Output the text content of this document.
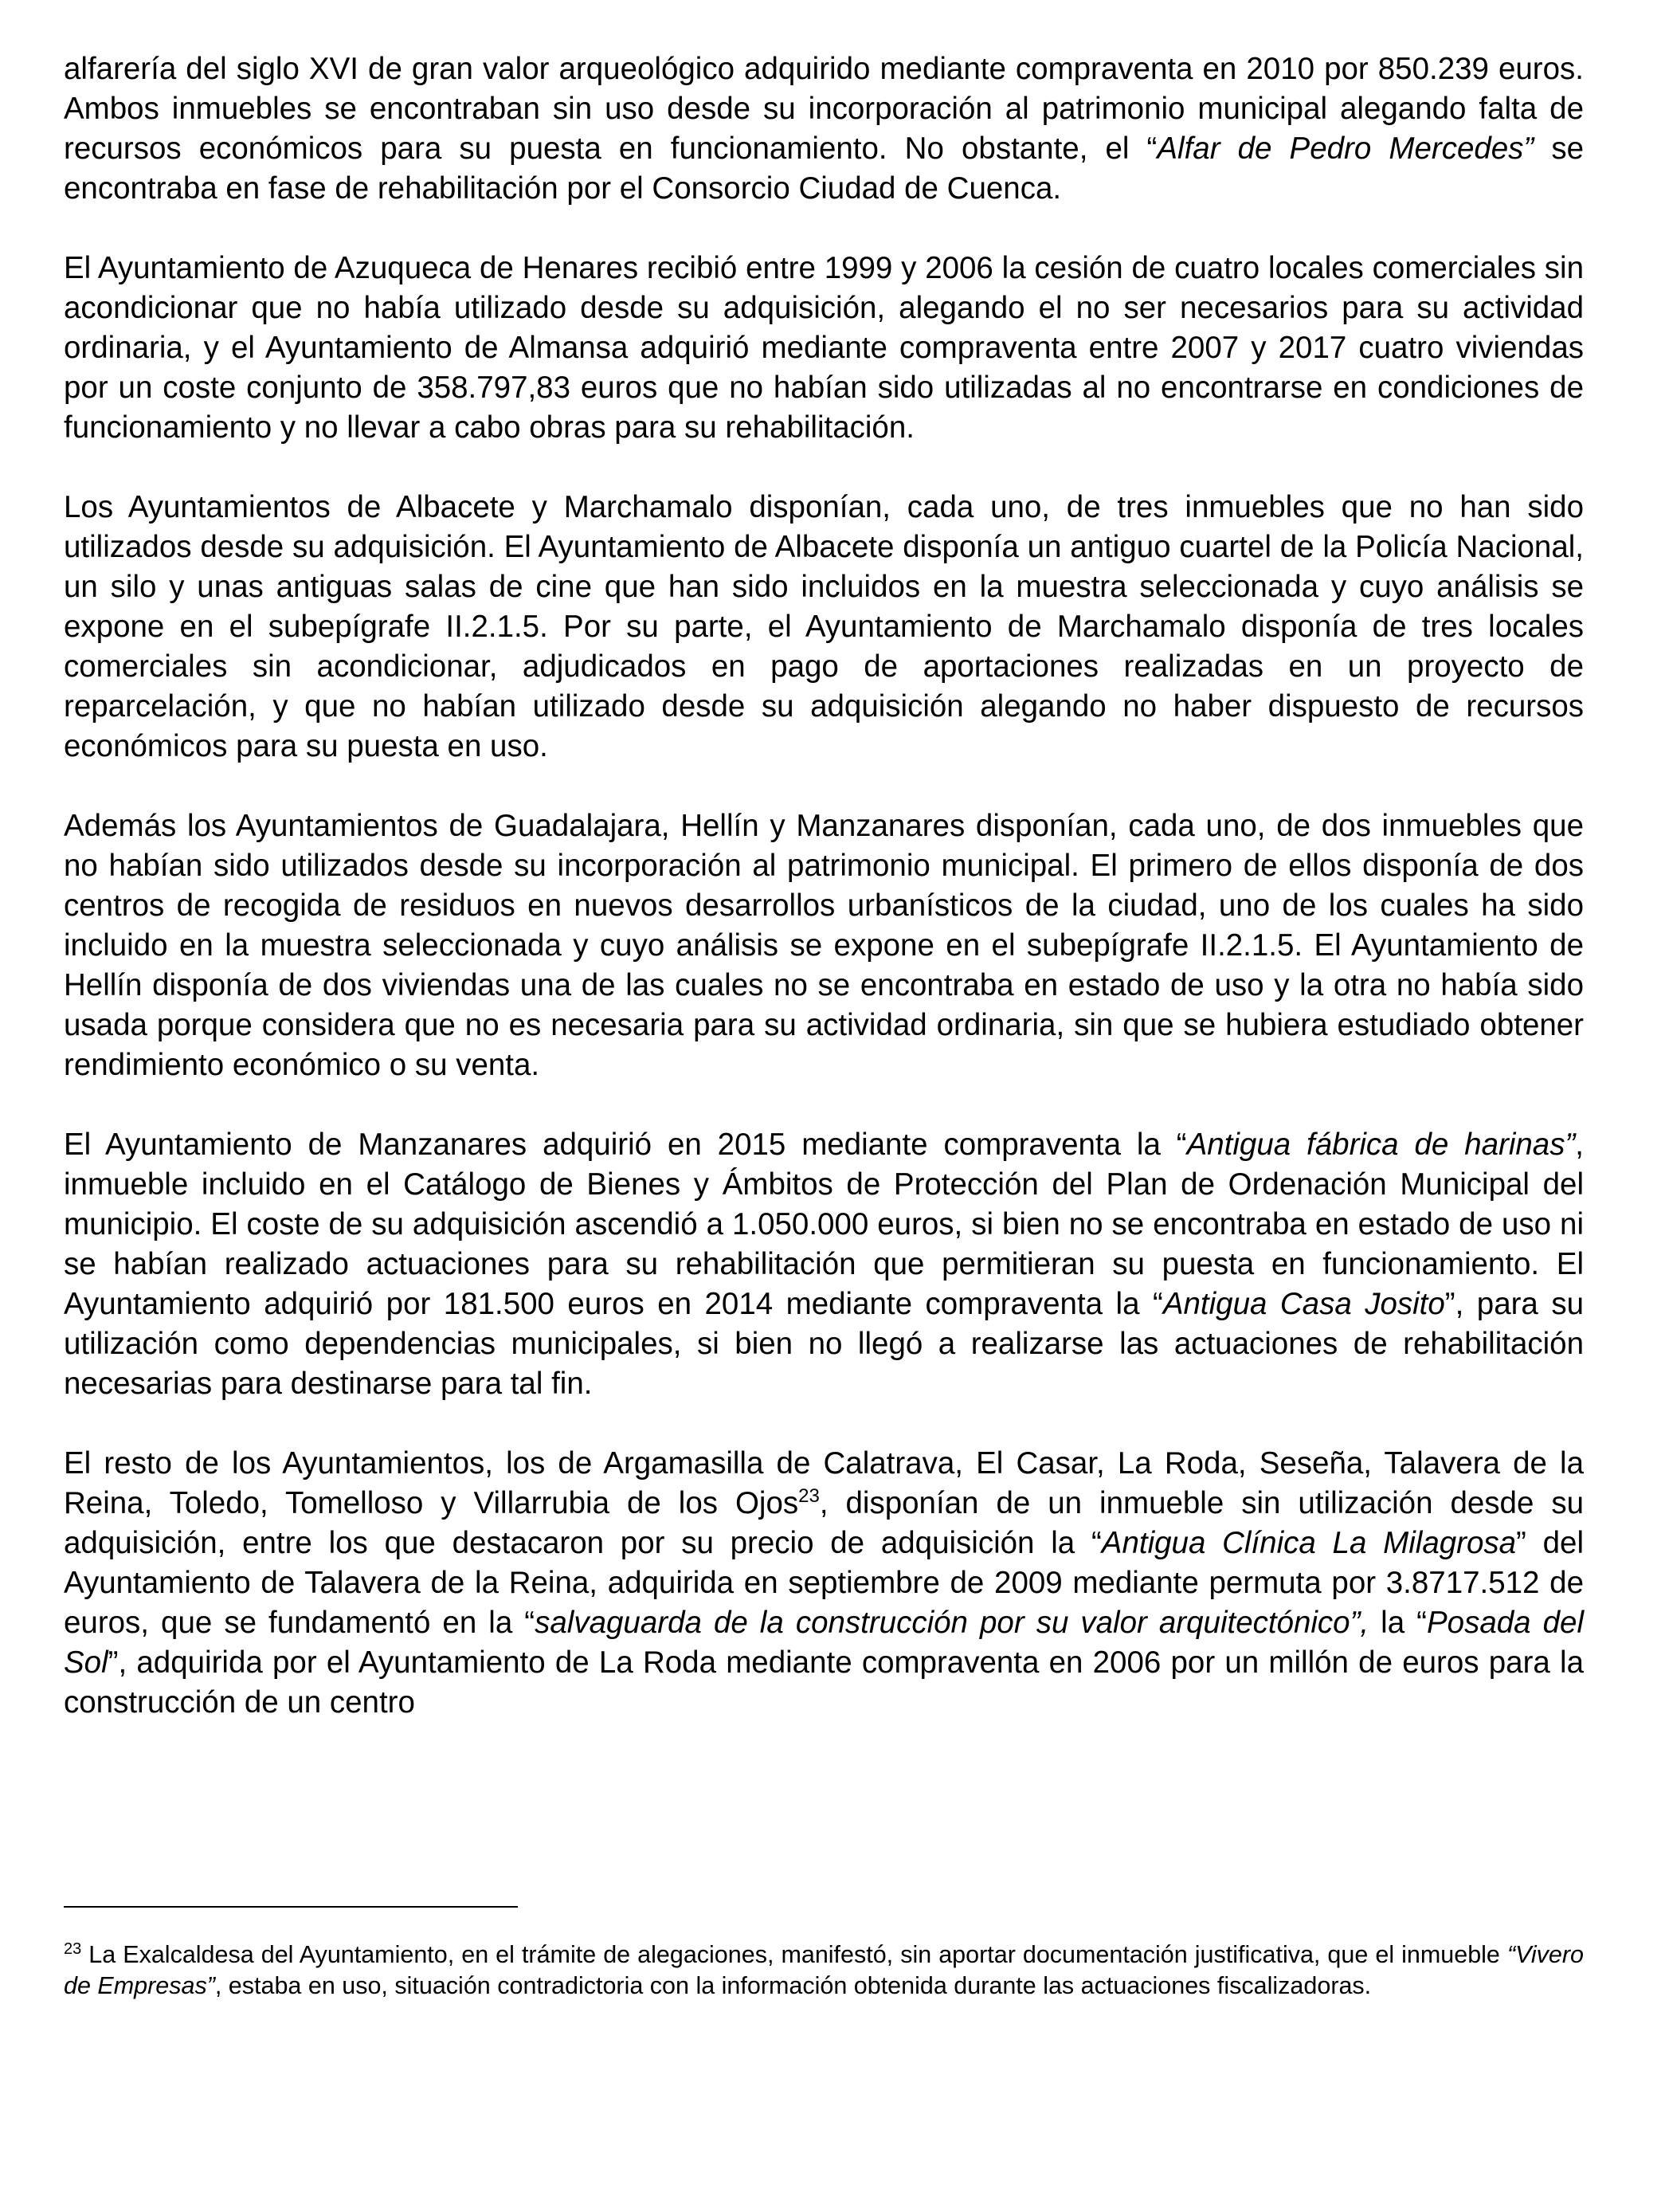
alfarería del siglo XVI de gran valor arqueológico adquirido mediante compraventa en 2010 por 850.239 euros. Ambos inmuebles se encontraban sin uso desde su incorporación al patrimonio municipal alegando falta de recursos económicos para su puesta en funcionamiento. No obstante, el “Alfar de Pedro Mercedes” se encontraba en fase de rehabilitación por el Consorcio Ciudad de Cuenca.

El Ayuntamiento de Azuqueca de Henares recibió entre 1999 y 2006 la cesión de cuatro locales comerciales sin acondicionar que no había utilizado desde su adquisición, alegando el no ser necesarios para su actividad ordinaria, y el Ayuntamiento de Almansa adquirió mediante compraventa entre 2007 y 2017 cuatro viviendas por un coste conjunto de 358.797,83 euros que no habían sido utilizadas al no encontrarse en condiciones de funcionamiento y no llevar a cabo obras para su rehabilitación.

Los Ayuntamientos de Albacete y Marchamalo disponían, cada uno, de tres inmuebles que no han sido utilizados desde su adquisición. El Ayuntamiento de Albacete disponía un antiguo cuartel de la Policía Nacional, un silo y unas antiguas salas de cine que han sido incluidos en la muestra seleccionada y cuyo análisis se expone en el subepígrafe II.2.1.5. Por su parte, el Ayuntamiento de Marchamalo disponía de tres locales comerciales sin acondicionar, adjudicados en pago de aportaciones realizadas en un proyecto de reparcelación, y que no habían utilizado desde su adquisición alegando no haber dispuesto de recursos económicos para su puesta en uso.

Además los Ayuntamientos de Guadalajara, Hellín y Manzanares disponían, cada uno, de dos inmuebles que no habían sido utilizados desde su incorporación al patrimonio municipal. El primero de ellos disponía de dos centros de recogida de residuos en nuevos desarrollos urbanísticos de la ciudad, uno de los cuales ha sido incluido en la muestra seleccionada y cuyo análisis se expone en el subepígrafe II.2.1.5. El Ayuntamiento de Hellín disponía de dos viviendas una de las cuales no se encontraba en estado de uso y la otra no había sido usada porque considera que no es necesaria para su actividad ordinaria, sin que se hubiera estudiado obtener rendimiento económico o su venta.

El Ayuntamiento de Manzanares adquirió en 2015 mediante compraventa la “Antigua fábrica de harinas”, inmueble incluido en el Catálogo de Bienes y Ámbitos de Protección del Plan de Ordenación Municipal del municipio. El coste de su adquisición ascendió a 1.050.000 euros, si bien no se encontraba en estado de uso ni se habían realizado actuaciones para su rehabilitación que permitieran su puesta en funcionamiento. El Ayuntamiento adquirió por 181.500 euros en 2014 mediante compraventa la “Antigua Casa Josito”, para su utilización como dependencias municipales, si bien no llegó a realizarse las actuaciones de rehabilitación necesarias para destinarse para tal fin.

El resto de los Ayuntamientos, los de Argamasilla de Calatrava, El Casar, La Roda, Seseña, Talavera de la Reina, Toledo, Tomelloso y Villarrubia de los Ojos$^{23}$, disponían de un inmueble sin utilización desde su adquisición, entre los que destacaron por su precio de adquisición la “Antigua Clínica La Milagrosa” del Ayuntamiento de Talavera de la Reina, adquirida en septiembre de 2009 mediante permuta por 3.8717.512 de euros, que se fundamentó en la “salvaguarda de la construcción por su valor arquitectónico”, la “Posada del Sol”, adquirida por el Ayuntamiento de La Roda mediante compraventa en 2006 por un millón de euros para la construcción de un centro

$^{23}$ La Exalcaldesa del Ayuntamiento, en el trámite de alegaciones, manifestó, sin aportar documentación justificativa, que el inmueble “Vivero de Empresas”, estaba en uso, situación contradictoria con la información obtenida durante las actuaciones fiscalizadoras.
